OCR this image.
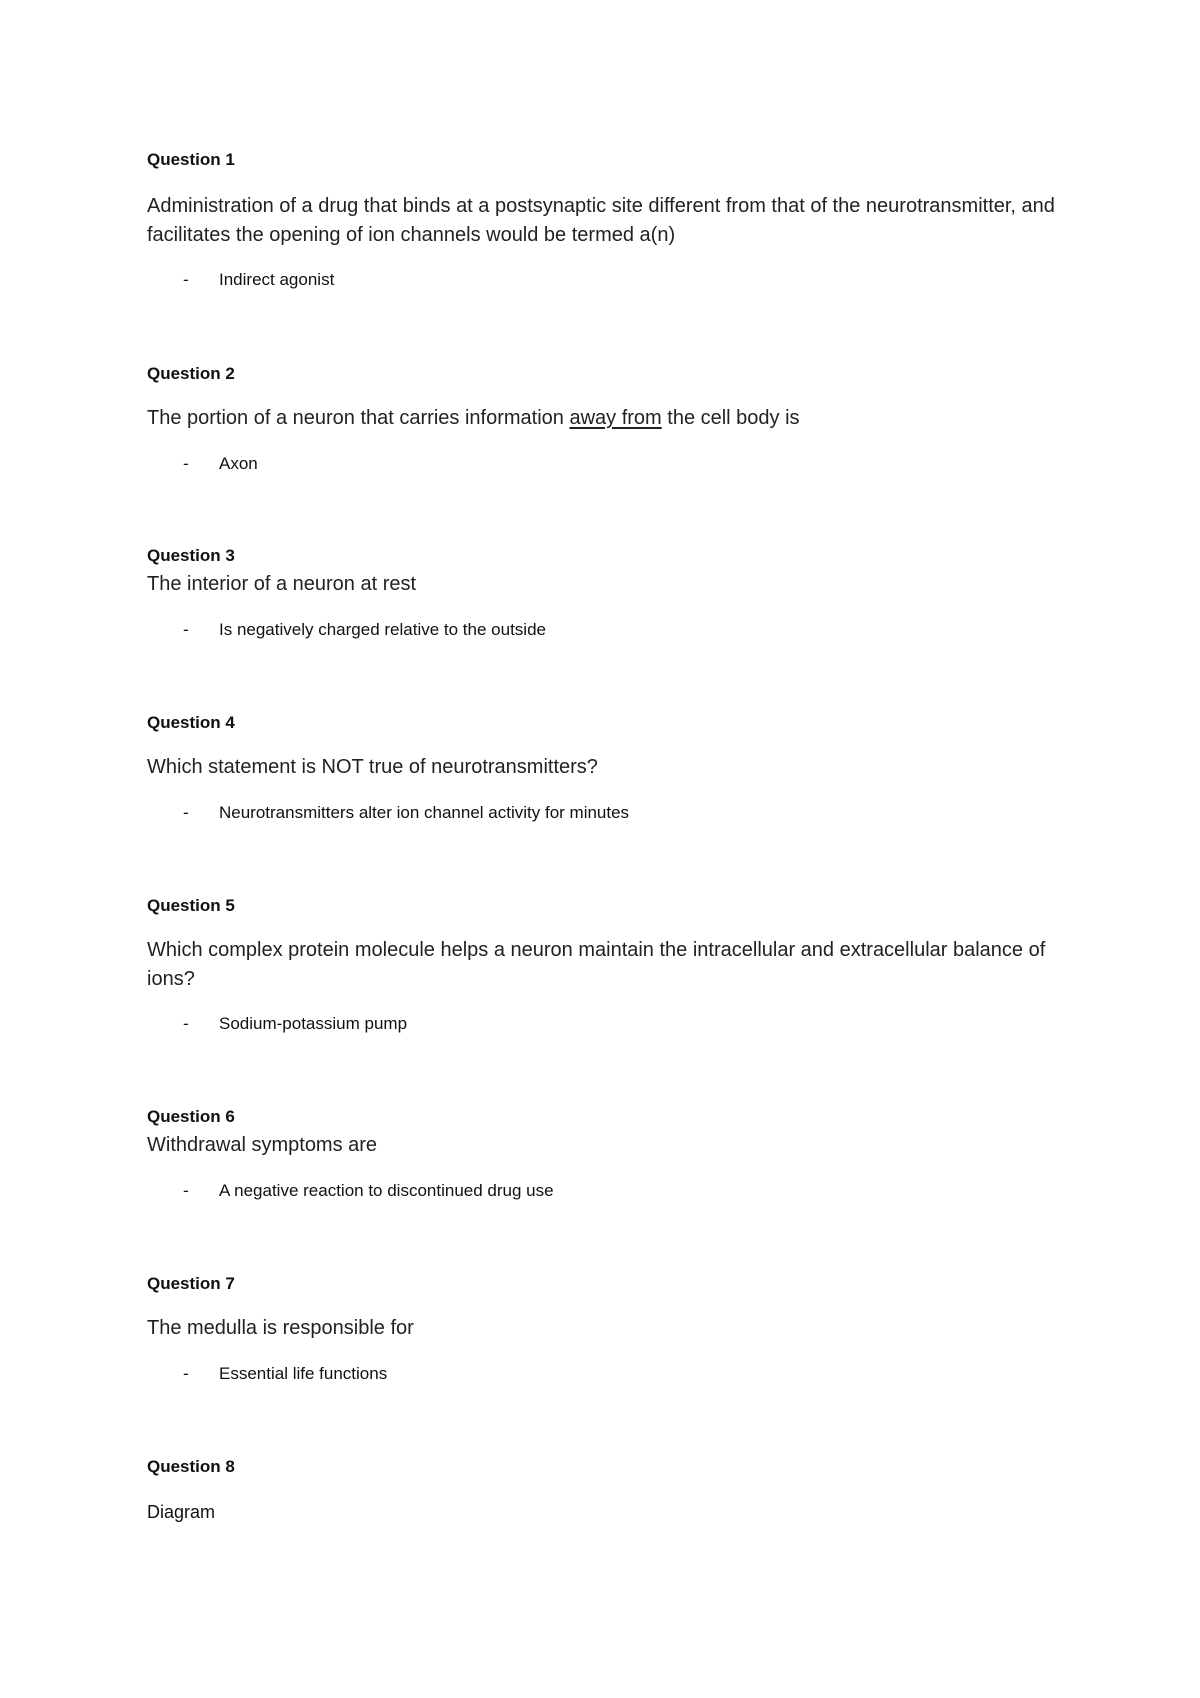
Question 1
Administration of a drug that binds at a postsynaptic site different from that of the neurotransmitter, and facilitates the opening of ion channels would be termed a(n)
- Indirect agonist
Question 2
The portion of a neuron that carries information away from the cell body is
- Axon
Question 3
The interior of a neuron at rest
- Is negatively charged relative to the outside
Question 4
Which statement is NOT true of neurotransmitters?
- Neurotransmitters alter ion channel activity for minutes
Question 5
Which complex protein molecule helps a neuron maintain the intracellular and extracellular balance of ions?
- Sodium-potassium pump
Question 6
Withdrawal symptoms are
- A negative reaction to discontinued drug use
Question 7
The medulla is responsible for
- Essential life functions
Question 8
Diagram
